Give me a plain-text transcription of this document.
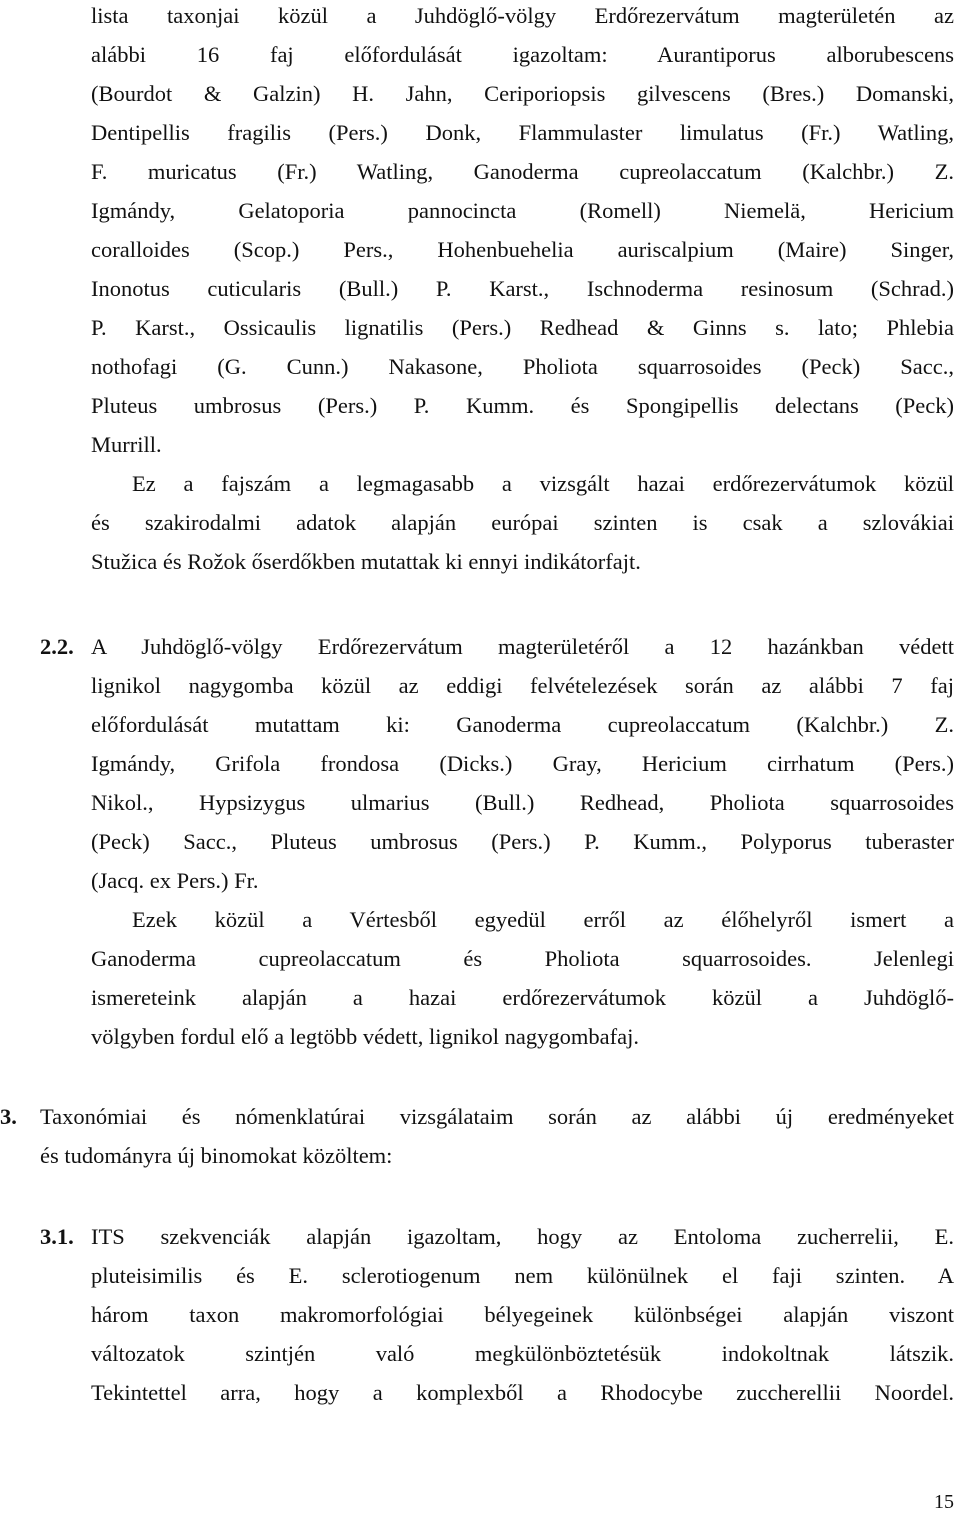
lista taxonjai közül a Juhdöglő-völgy Erdőrezervátum magterületén az
alábbi 16 faj előfordulását igazoltam: Aurantiporus alborubescens
(Bourdot & Galzin) H. Jahn, Ceriporiopsis gilvescens (Bres.) Domanski,
Dentipellis fragilis (Pers.) Donk, Flammulaster limulatus (Fr.) Watling,
F. muricatus (Fr.) Watling, Ganoderma cupreolaccatum (Kalchbr.) Z.
Igmándy, Gelatoporia pannocincta (Romell) Niemelä, Hericium
coralloides (Scop.) Pers., Hohenbuehelia auriscalpium (Maire) Singer,
Inonotus cuticularis (Bull.) P. Karst., Ischnoderma resinosum (Schrad.)
P. Karst., Ossicaulis lignatilis (Pers.) Redhead & Ginns s. lato; Phlebia
nothofagi (G. Cunn.) Nakasone, Pholiota squarrosoides (Peck) Sacc.,
Pluteus umbrosus (Pers.) P. Kumm. és Spongipellis delectans (Peck)
Murrill.
Ez a fajszám a legmagasabb a vizsgált hazai erdőrezervátumok közül
és szakirodalmi adatok alapján európai szinten is csak a szlovákiai
Stužica és Rožok őserdőkben mutattak ki ennyi indikátorfajt.
2.2. A Juhdöglő-völgy Erdőrezervátum magterületéről a 12 hazánkban védett
lignikol nagygomba közül az eddigi felvételezések során az alábbi 7 faj
előfordulását mutattam ki: Ganoderma cupreolaccatum (Kalchbr.) Z.
Igmándy, Grifola frondosa (Dicks.) Gray, Hericium cirrhatum (Pers.)
Nikol., Hypsizygus ulmarius (Bull.) Redhead, Pholiota squarrosoides
(Peck) Sacc., Pluteus umbrosus (Pers.) P. Kumm., Polyporus tuberaster
(Jacq. ex Pers.) Fr.
Ezek közül a Vértesből egyedül erről az élőhelyről ismert a
Ganoderma cupreolaccatum és Pholiota squarrosoides. Jelenlegi
ismereteink alapján a hazai erdőrezervátumok közül a Juhdöglő-
völgyben fordul elő a legtöbb védett, lignikol nagygombafaj.
3.	Taxonómiai és nómenklatúrai vizsgálataim során az alábbi új eredményeket
és tudományra új binomokat közöltem:
3.1. ITS szekvenciák alapján igazoltam, hogy az Entoloma zucherrelii, E.
pluteisimilis és E. sclerotiogenum nem különülnek el faji szinten. A
három taxon makromorfológiai bélyegeinek különbségei alapján viszont
változatok szintjén való megkülönböztetésük indokoltnak látszik.
Tekintettel arra, hogy a komplexből a Rhodocybe zuccherellii Noordel.
15
